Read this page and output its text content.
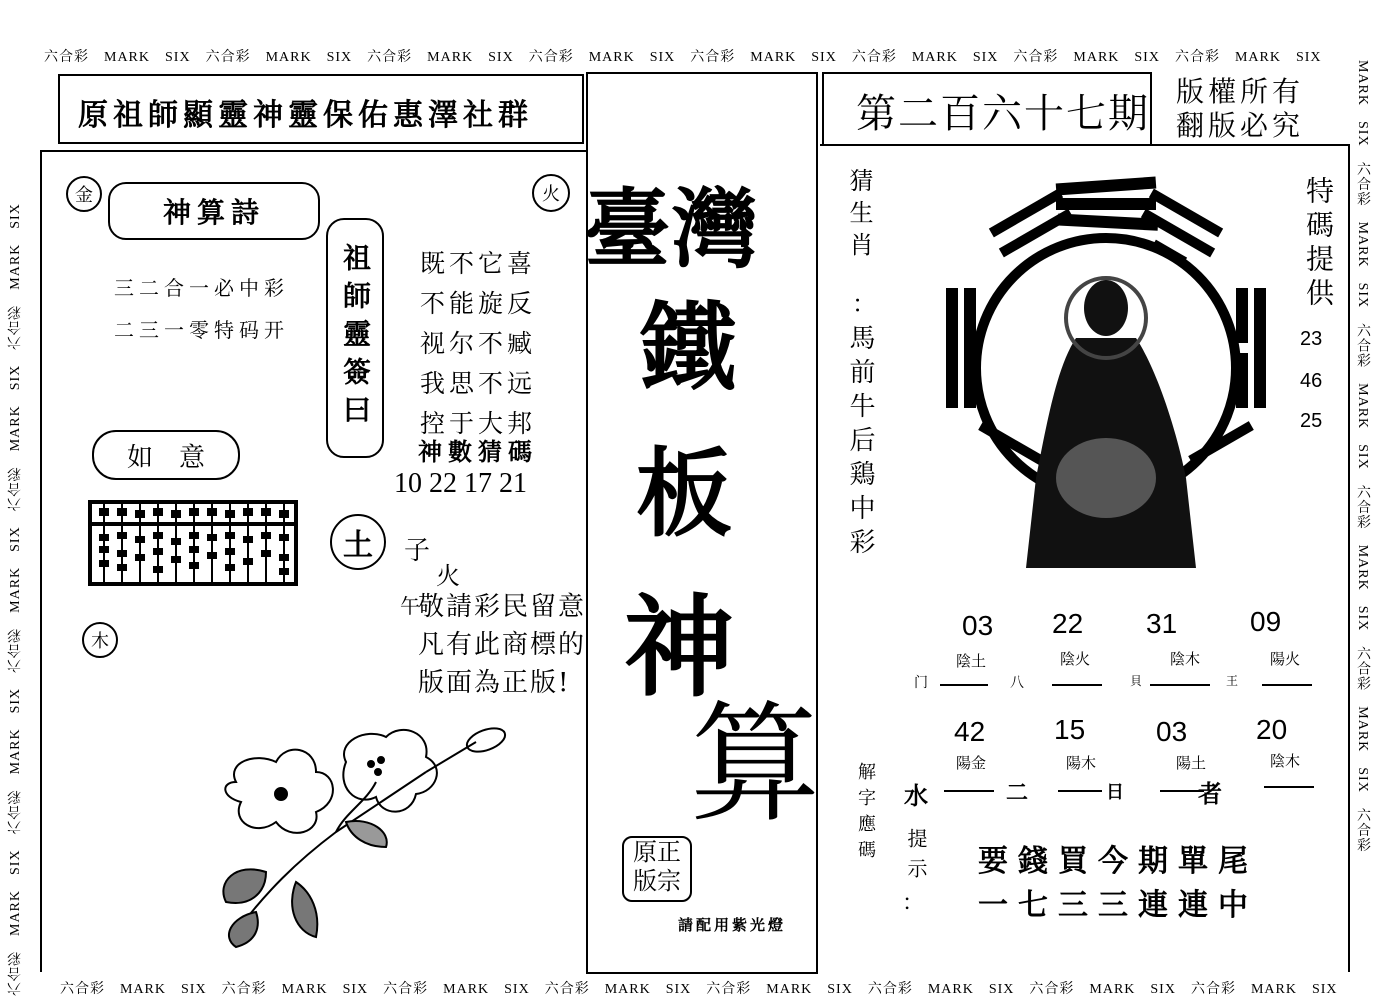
六合彩　MARK　SIX　六合彩　MARK　SIX　六合彩　MARK　SIX　六合彩　MARK　SIX　六合彩　MARK　SIX　六合彩　MARK　SIX　六合彩　MARK　SIX　六合彩　MARK　SIX
六合彩　MARK　SIX　六合彩　MARK　SIX　六合彩　MARK　SIX　六合彩　MARK　SIX　六合彩　MARK　SIX　六合彩　MARK　SIX　六合彩　MARK　SIX　六合彩　MARK　SIX
六合彩　MARK　SIX　六合彩　MARK　SIX　六合彩　MARK　SIX　六合彩　MARK　SIX　六合彩　MARK　SIX	MARK　SIX　六合彩　MARK　SIX　六合彩　MARK　SIX　六合彩　MARK　SIX　六合彩　MARK　SIX　六合彩
原祖師顯靈神靈保佑惠澤社群
金	火
神算詩
三二合一必中彩
二三一零特码开 祖師靈簽曰 既不它喜
不能旋反
视尔不臧
我思不远
控于大邦
神數猜碼
10 22 17 21
如　意
土 子
火
午
敬請彩民留意
凡有此商標的
版面為正版!
木
臺灣
鐵
板
神
算
原正
版宗
請配用紫光燈
第二百六十七期 版權所有
翻版必究
猜生肖
：
馬前牛后鶏中彩
特碼提供
23
46
25
03 22 31	09
陰土	陰火	陰木	陽火
门	八	貝	王
42 15	03 20
陽金	陽木	陽土	陰木
水	二	日	者
解字應碼 提示
：
要錢買今期單尾
一七三三連連中
